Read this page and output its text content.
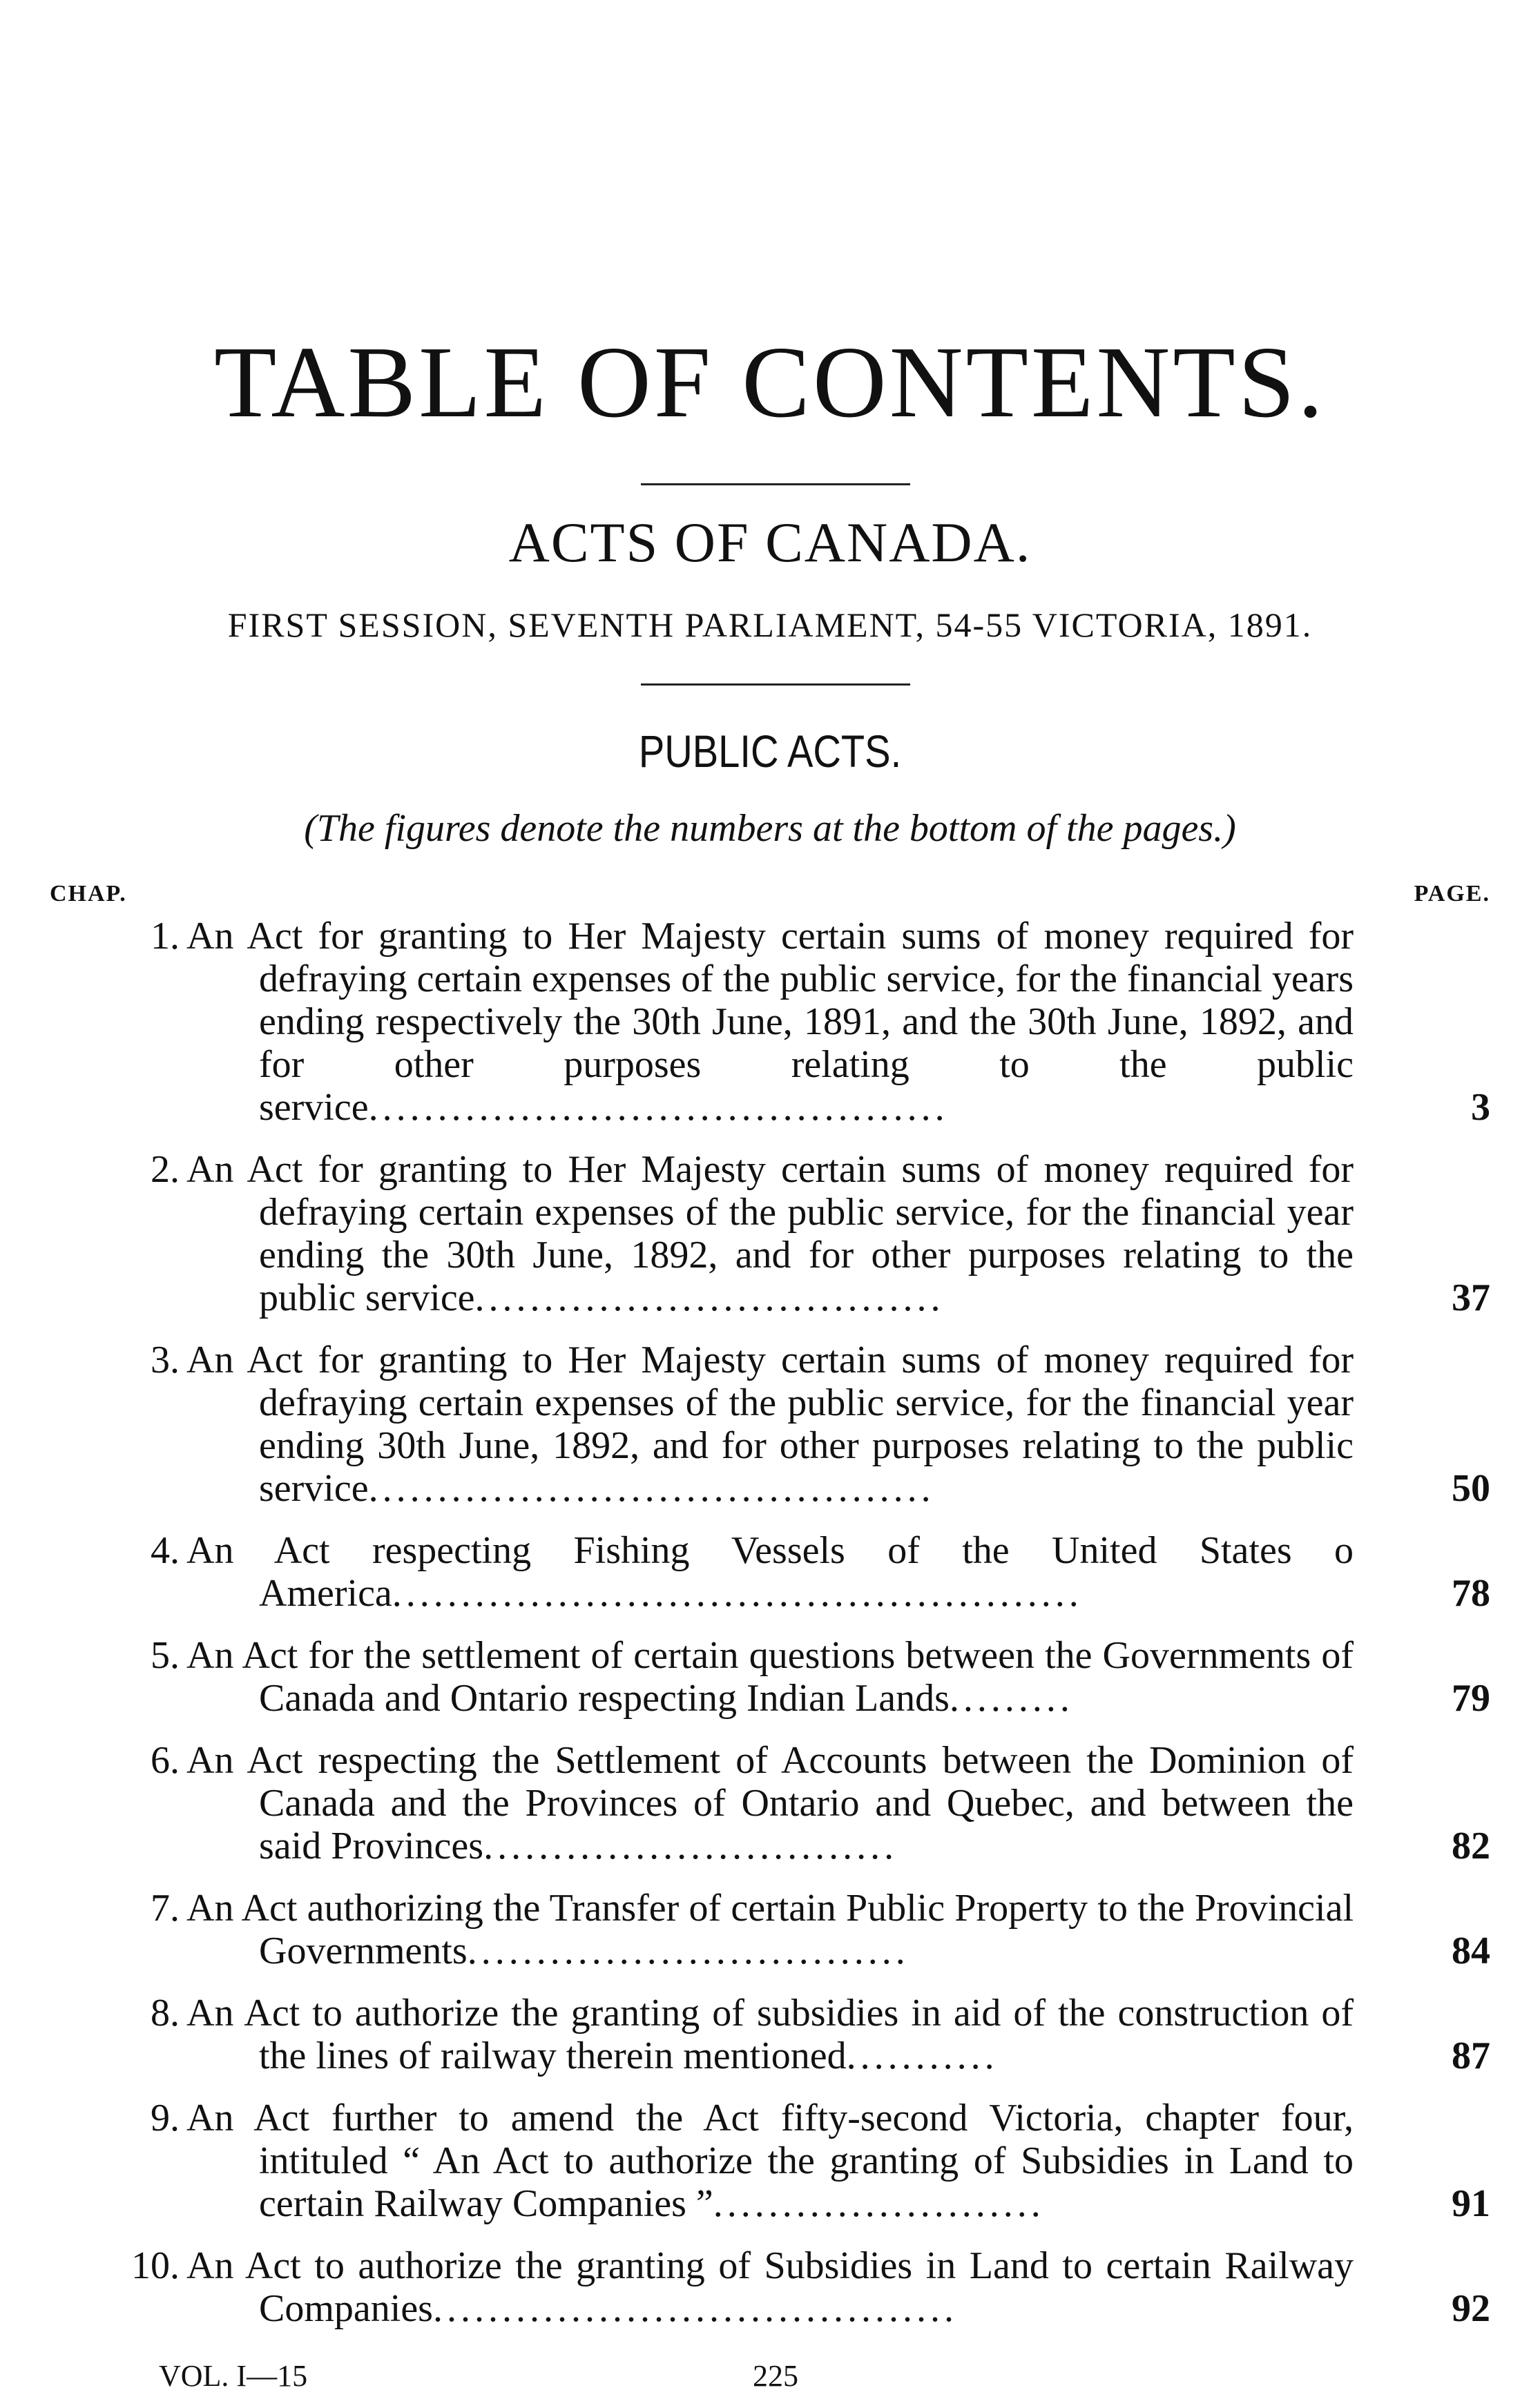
TABLE OF CONTENTS.
ACTS OF CANADA.
FIRST SESSION, SEVENTH PARLIAMENT, 54-55 VICTORIA, 1891.
PUBLIC ACTS.
(The figures denote the numbers at the bottom of the pages.)
CHAP.	PAGE.
1. An Act for granting to Her Majesty certain sums of money required for defraying certain expenses of the public service, for the financial years ending respectively the 30th June, 1891, and the 30th June, 1892, and for other purposes relating to the public service..........................................	3
2. An Act for granting to Her Majesty certain sums of money required for defraying certain expenses of the public service, for the financial year ending the 30th June, 1892, and for other purposes relating to the public service..................................	37
3. An Act for granting to Her Majesty certain sums of money required for defraying certain expenses of the public service, for the financial year ending 30th June, 1892, and for other purposes relating to the public service.........................................	50
4. An Act respecting Fishing Vessels of the United States o America..................................................	78
5. An Act for the settlement of certain questions between the Governments of Canada and Ontario respecting Indian Lands.........	79
6. An Act respecting the Settlement of Accounts between the Dominion of Canada and the Provinces of Ontario and Quebec, and between the said Provinces..............................	82
7. An Act authorizing the Transfer of certain Public Property to the Provincial Governments................................	84
8. An Act to authorize the granting of subsidies in aid of the construction of the lines of railway therein mentioned...........	87
9. An Act further to amend the Act fifty-second Victoria, chapter four, intituled “ An Act to authorize the granting of Subsidies in Land to certain Railway Companies ”........................	91
10. An Act to authorize the granting of Subsidies in Land to certain Railway Companies......................................	92
VOL. I—15	225
